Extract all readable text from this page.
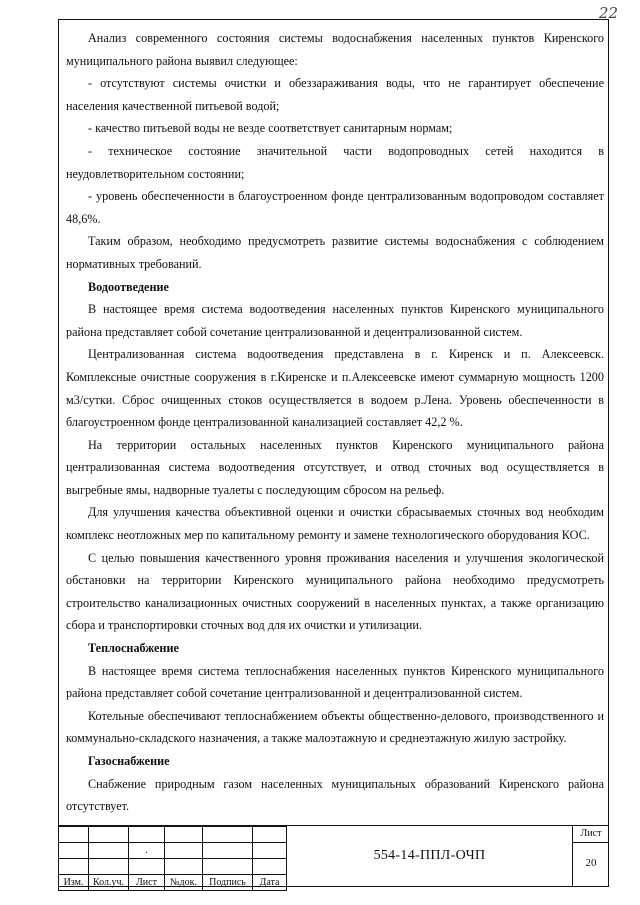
22

Анализ современного состояния системы водоснабжения населенных пунктов Киренского муниципального района выявил следующее:

- отсутствуют системы очистки и обеззараживания воды, что не гарантирует обеспечение населения качественной питьевой водой;

- качество питьевой воды не везде соответствует санитарным нормам;

- техническое состояние значительной части водопроводных сетей находится в неудовлетворительном состоянии;

- уровень обеспеченности в благоустроенном фонде централизованным водопроводом составляет 48,6%.

Таким образом, необходимо предусмотреть развитие системы водоснабжения с соблюдением нормативных требований.

Водоотведение

В настоящее время система водоотведения населенных пунктов Киренского муниципального района представляет собой сочетание централизованной и децентрализованной систем.

Централизованная система водоотведения представлена в г. Киренск и п. Алексеевск. Комплексные очистные сооружения в г.Киренске и п.Алексеевске имеют суммарную мощность 1200 м3/сутки. Сброс очищенных стоков осуществляется в водоем р.Лена. Уровень обеспеченности в благоустроенном фонде централизованной канализацией составляет 42,2 %.

На территории остальных населенных пунктов Киренского муниципального района централизованная система водоотведения отсутствует, и отвод сточных вод осуществляется в выгребные ямы, надворные туалеты с последующим сбросом на рельеф.

Для улучшения качества объективной оценки и очистки сбрасываемых сточных вод необходим комплекс неотложных мер по капитальному ремонту и замене технологического оборудования КОС.

С целью повышения качественного уровня проживания населения и улучшения экологической обстановки на территории Киренского муниципального района необходимо предусмотреть строительство канализационных очистных сооружений в населенных пунктах, а также организацию сбора и транспортировки сточных вод для их очистки и утилизации.

Теплоснабжение

В настоящее время система теплоснабжения населенных пунктов Киренского муниципального района представляет собой сочетание централизованной и децентрализованной систем.

Котельные обеспечивают теплоснабжением объекты общественно-делового, производственного и коммунально-складского назначения, а также малоэтажную и среднеэтажную жилую застройку.

Газоснабжение

Снабжение природным газом населенных муниципальных образований Киренского района отсутствует.

		.			

Изм.	Кол.уч.	Лист	№док.	Подпись	Дата
554-14-ППЛ-ОЧП
Лист
20
